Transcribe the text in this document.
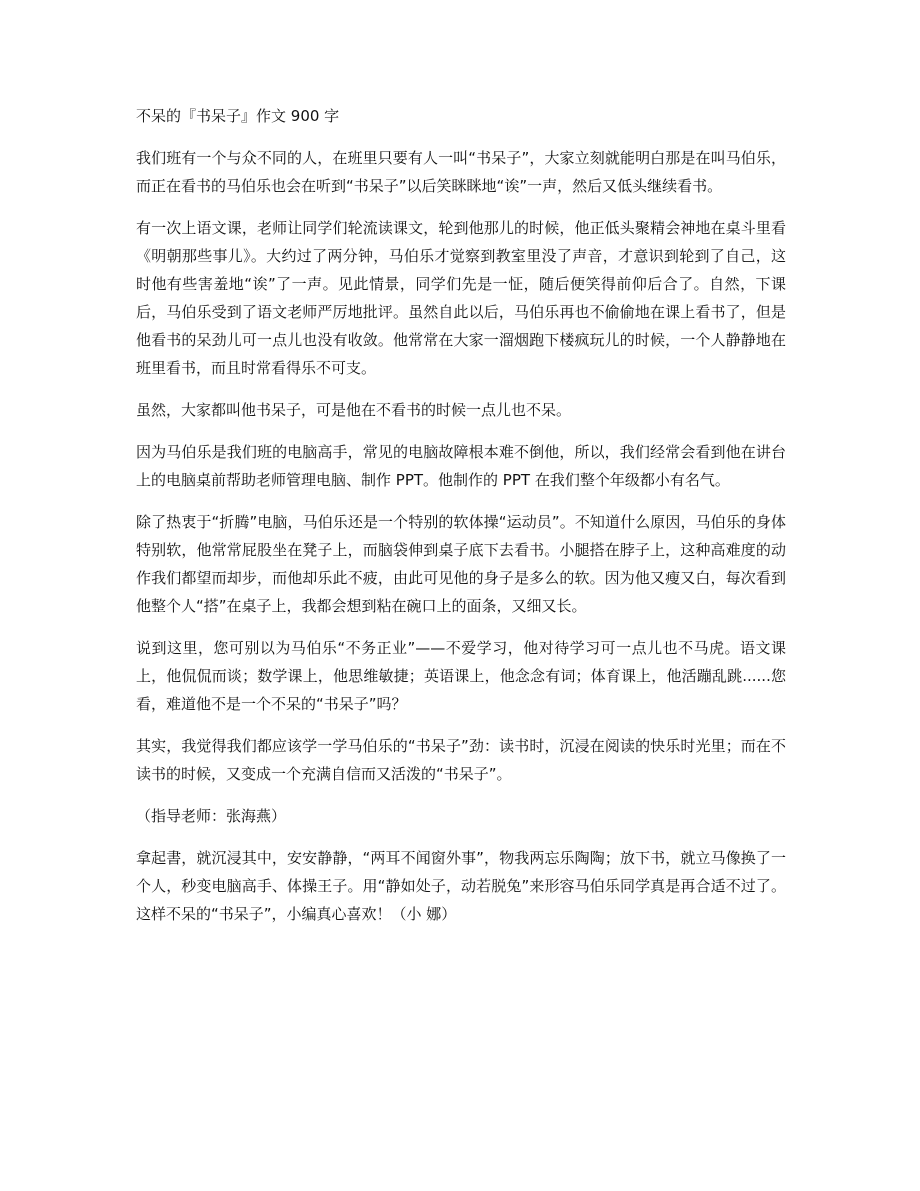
不呆的『书呆子』作文 900 字

我们班有一个与众不同的人，在班里只要有人一叫“书呆子”，大家立刻就能明白那是在叫马伯乐，而正在看书的马伯乐也会在听到“书呆子”以后笑眯眯地“诶”一声，然后又低头继续看书。

有一次上语文课，老师让同学们轮流读课文，轮到他那儿的时候，他正低头聚精会神地在桌斗里看《明朝那些事儿》。大约过了两分钟，马伯乐才觉察到教室里没了声音，才意识到轮到了自己，这时他有些害羞地“诶”了一声。见此情景，同学们先是一怔，随后便笑得前仰后合了。自然，下课后，马伯乐受到了语文老师严厉地批评。虽然自此以后，马伯乐再也不偷偷地在课上看书了，但是他看书的呆劲儿可一点儿也没有收敛。他常常在大家一溜烟跑下楼疯玩儿的时候，一个人静静地在班里看书，而且时常看得乐不可支。

虽然，大家都叫他书呆子，可是他在不看书的时候一点儿也不呆。

因为马伯乐是我们班的电脑高手，常见的电脑故障根本难不倒他，所以，我们经常会看到他在讲台上的电脑桌前帮助老师管理电脑、制作 PPT。他制作的 PPT 在我们整个年级都小有名气。

除了热衷于“折腾”电脑，马伯乐还是一个特别的软体操“运动员”。不知道什么原因，马伯乐的身体特别软，他常常屁股坐在凳子上，而脑袋伸到桌子底下去看书。小腿搭在脖子上，这种高难度的动作我们都望而却步，而他却乐此不疲，由此可见他的身子是多么的软。因为他又瘦又白，每次看到他整个人“搭”在桌子上，我都会想到粘在碗口上的面条，又细又长。

说到这里，您可别以为马伯乐“不务正业”——不爱学习，他对待学习可一点儿也不马虎。语文课上，他侃侃而谈；数学课上，他思维敏捷；英语课上，他念念有词；体育课上，他活蹦乱跳......您看，难道他不是一个不呆的“书呆子”吗？

其实，我觉得我们都应该学一学马伯乐的“书呆子”劲：读书时，沉浸在阅读的快乐时光里；而在不读书的时候，又变成一个充满自信而又活泼的“书呆子”。

（指导老师：张海燕）

拿起書，就沉浸其中，安安静静，“两耳不闻窗外事”，物我两忘乐陶陶；放下书，就立马像换了一个人，秒变电脑高手、体操王子。用“静如处子，动若脱兔”来形容马伯乐同学真是再合适不过了。这样不呆的“书呆子”，小编真心喜欢！（小 娜）
